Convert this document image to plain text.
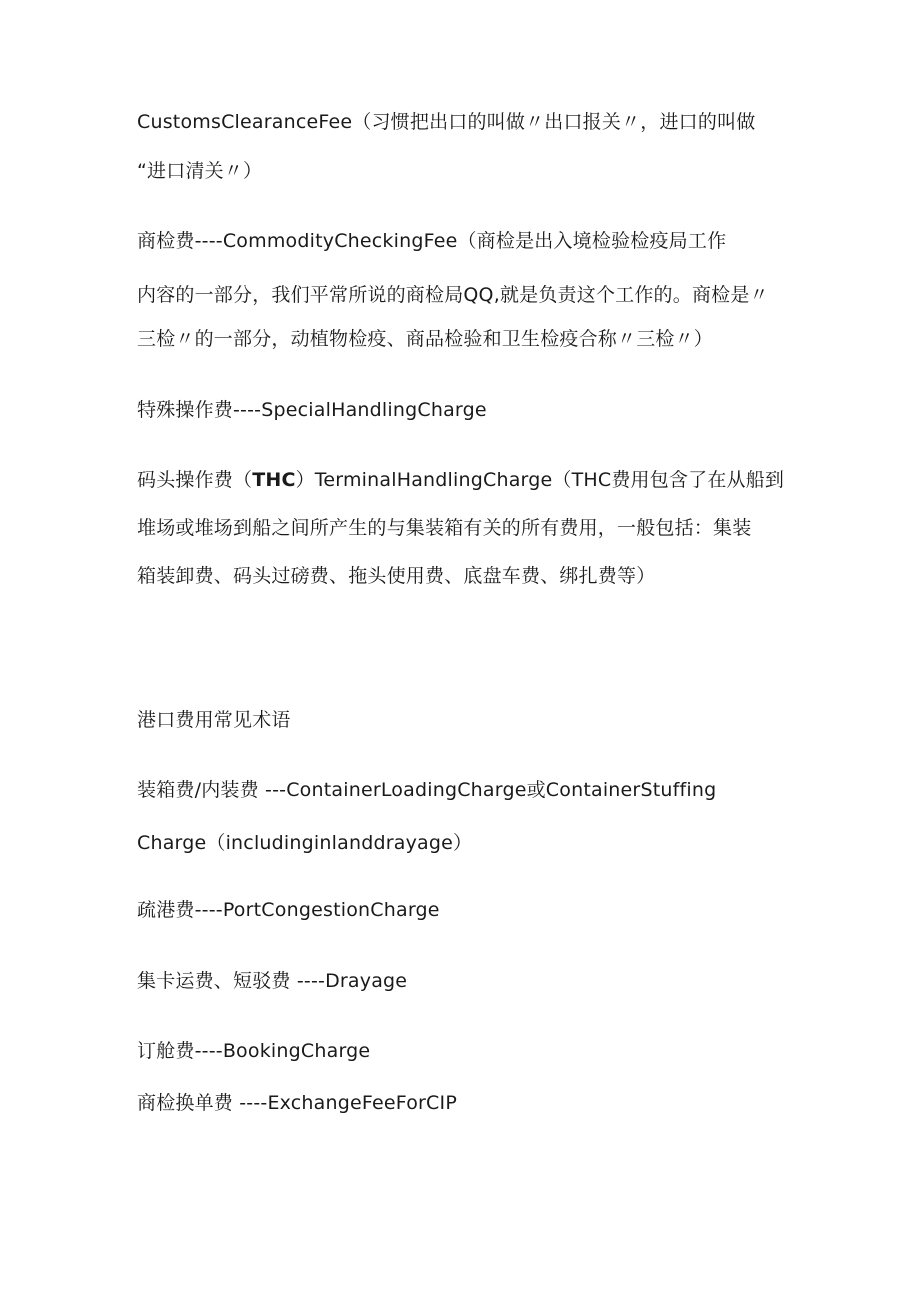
CustomsClearanceFee（习惯把出口的叫做〃出口报关〃，进口的叫做
“进口清关〃）
商检费----CommodityCheckingFee（商检是出入境检验检疫局工作
内容的一部分，我们平常所说的商检局QQ,就是负责这个工作的。商检是〃
三检〃的一部分，动植物检疫、商品检验和卫生检疫合称〃三检〃）
特殊操作费----SpecialHandlingCharge
码头操作费（THC）TerminalHandlingCharge（THC费用包含了在从船到
堆场或堆场到船之间所产生的与集装箱有关的所有费用，一般包括：集装
箱装卸费、码头过磅费、拖头使用费、底盘车费、绑扎费等）
港口费用常见术语
装箱费/内装费 ---ContainerLoadingCharge或ContainerStuffing
Charge（includinginlanddrayage）
疏港费----PortCongestionCharge
集卡运费、短驳费 ----Drayage
订舱费----BookingCharge
商检换单费 ----ExchangeFeeForCIP
